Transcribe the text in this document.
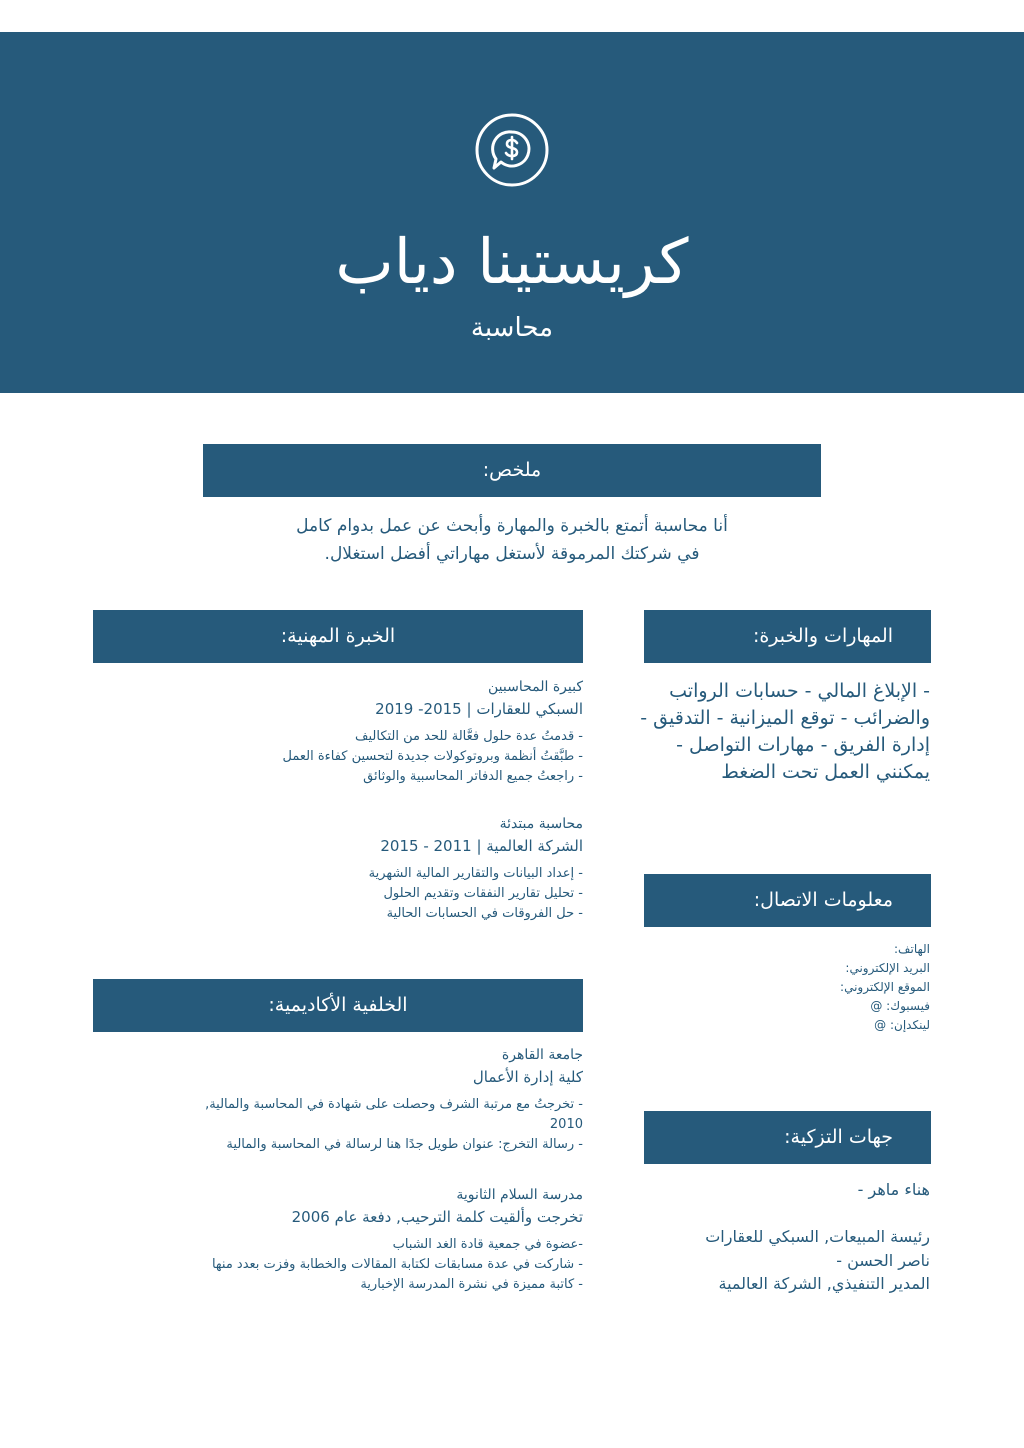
كريستينا دياب
محاسبة
ملخص:

أنا محاسبة أتمتع بالخبرة والمهارة وأبحث عن عمل بدوام كامل
في شركتك المرموقة لأستغل مهاراتي أفضل استغلال.

الخبرة المهنية:
كبيرة المحاسبين
السبكي للعقارات | 2015- 2019
- قدمتُ عدة حلول فعَّالة للحد من التكاليف
- طبَّقتُ أنظمة وبروتوكولات جديدة لتحسين كفاءة العمل
- راجعتُ جميع الدفاتر المحاسبية والوثائق
محاسبة مبتدئة
الشركة العالمية | 2011 - 2015
- إعداد البيانات والتقارير المالية الشهرية
- تحليل تقارير النفقات وتقديم الحلول
- حل الفروقات في الحسابات الحالية
الخلفية الأكاديمية:
جامعة القاهرة
كلية إدارة الأعمال
- تخرجتُ مع مرتبة الشرف وحصلت على شهادة في المحاسبة والمالية,
2010
- رسالة التخرج: عنوان طويل جدًا هنا لرسالة في المحاسبة والمالية
مدرسة السلام الثانوية
تخرجت وألقيت كلمة الترحيب, دفعة عام 2006
-عضوة في جمعية قادة الغد الشباب
- شاركت في عدة مسابقات لكتابة المقالات والخطابة وفزت بعدد منها
- كاتبة مميزة في نشرة المدرسة الإخبارية
المهارات والخبرة:

- الإبلاغ المالي - حسابات الرواتب والضرائب - توقع الميزانية - التدقيق - إدارة الفريق - مهارات التواصل - يمكنني العمل تحت الضغط

معلومات الاتصال:
الهاتف:
البريد الإلكتروني:
الموقع الإلكتروني:
فيسبوك: @
لينكدإن: @
جهات التزكية:
هناء ماهر -
رئيسة المبيعات, السبكي للعقارات
ناصر الحسن -
المدير التنفيذي, الشركة العالمية
